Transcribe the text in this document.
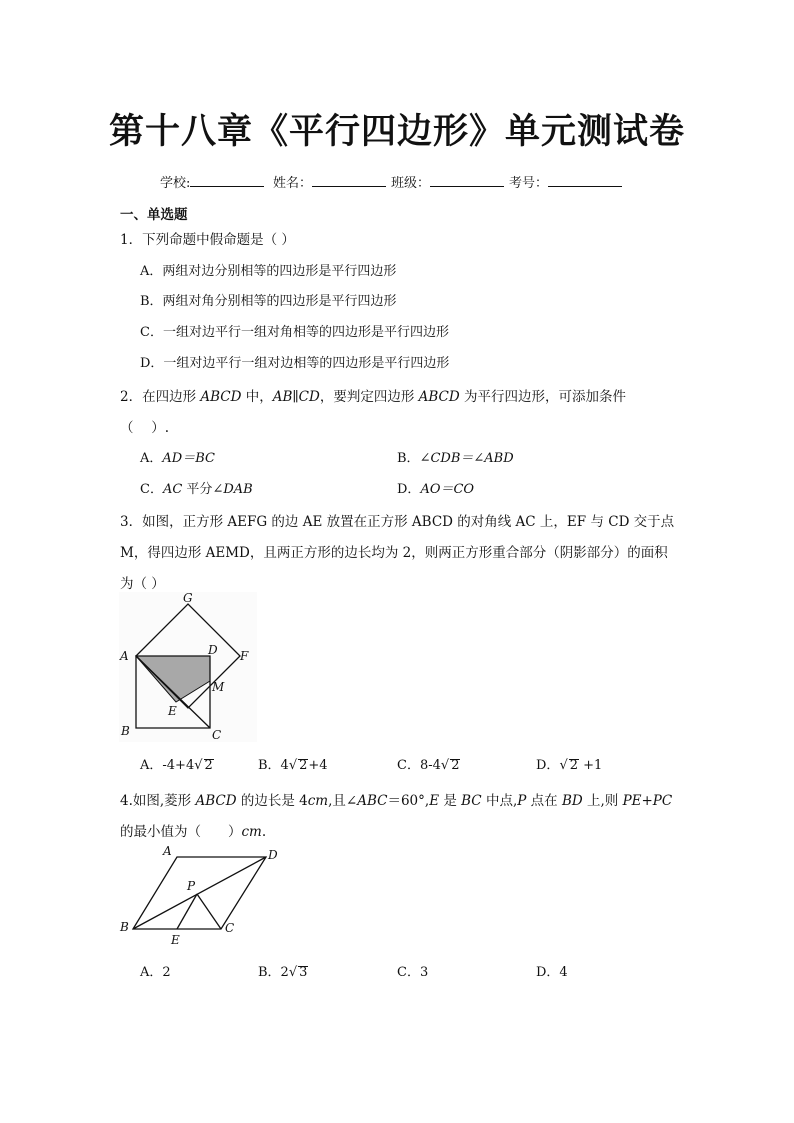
第十八章《平行四边形》单元测试卷
学校:	姓名：	班级：	考号：
一、单选题
1．下列命题中假命题是（ ）
A．两组对边分别相等的四边形是平行四边形
B．两组对角分别相等的四边形是平行四边形
C．一组对边平行一组对角相等的四边形是平行四边形
D．一组对边平行一组对边相等的四边形是平行四边形
2．在四边形 ABCD 中，AB∥CD，要判定四边形 ABCD 为平行四边形，可添加条件
（　 ）.
A．AD＝BC	B．∠CDB＝∠ABD
C．AC 平分∠DAB	D．AO＝CO
3．如图，正方形 AEFG 的边 AE 放置在正方形 ABCD 的对角线 AC 上，EF 与 CD 交于点
M，得四边形 AEMD，且两正方形的边长均为 2，则两正方形重合部分（阴影部分）的面积
为（ ）
A
G
D F
M
E
B	C
A．-4+4√ 2	B．4√ 2+4	C．8-4√ 2	D．√ 2 +1
4.如图,菱形 ABCD 的边长是 4cm,且∠ABC＝60°,E 是 BC 中点,P 点在 BD 上,则 PE+PC
的最小值为（　　）cm.
A	D
P
B
E
C
A．2	B．2√ 3	C．3	D．4
